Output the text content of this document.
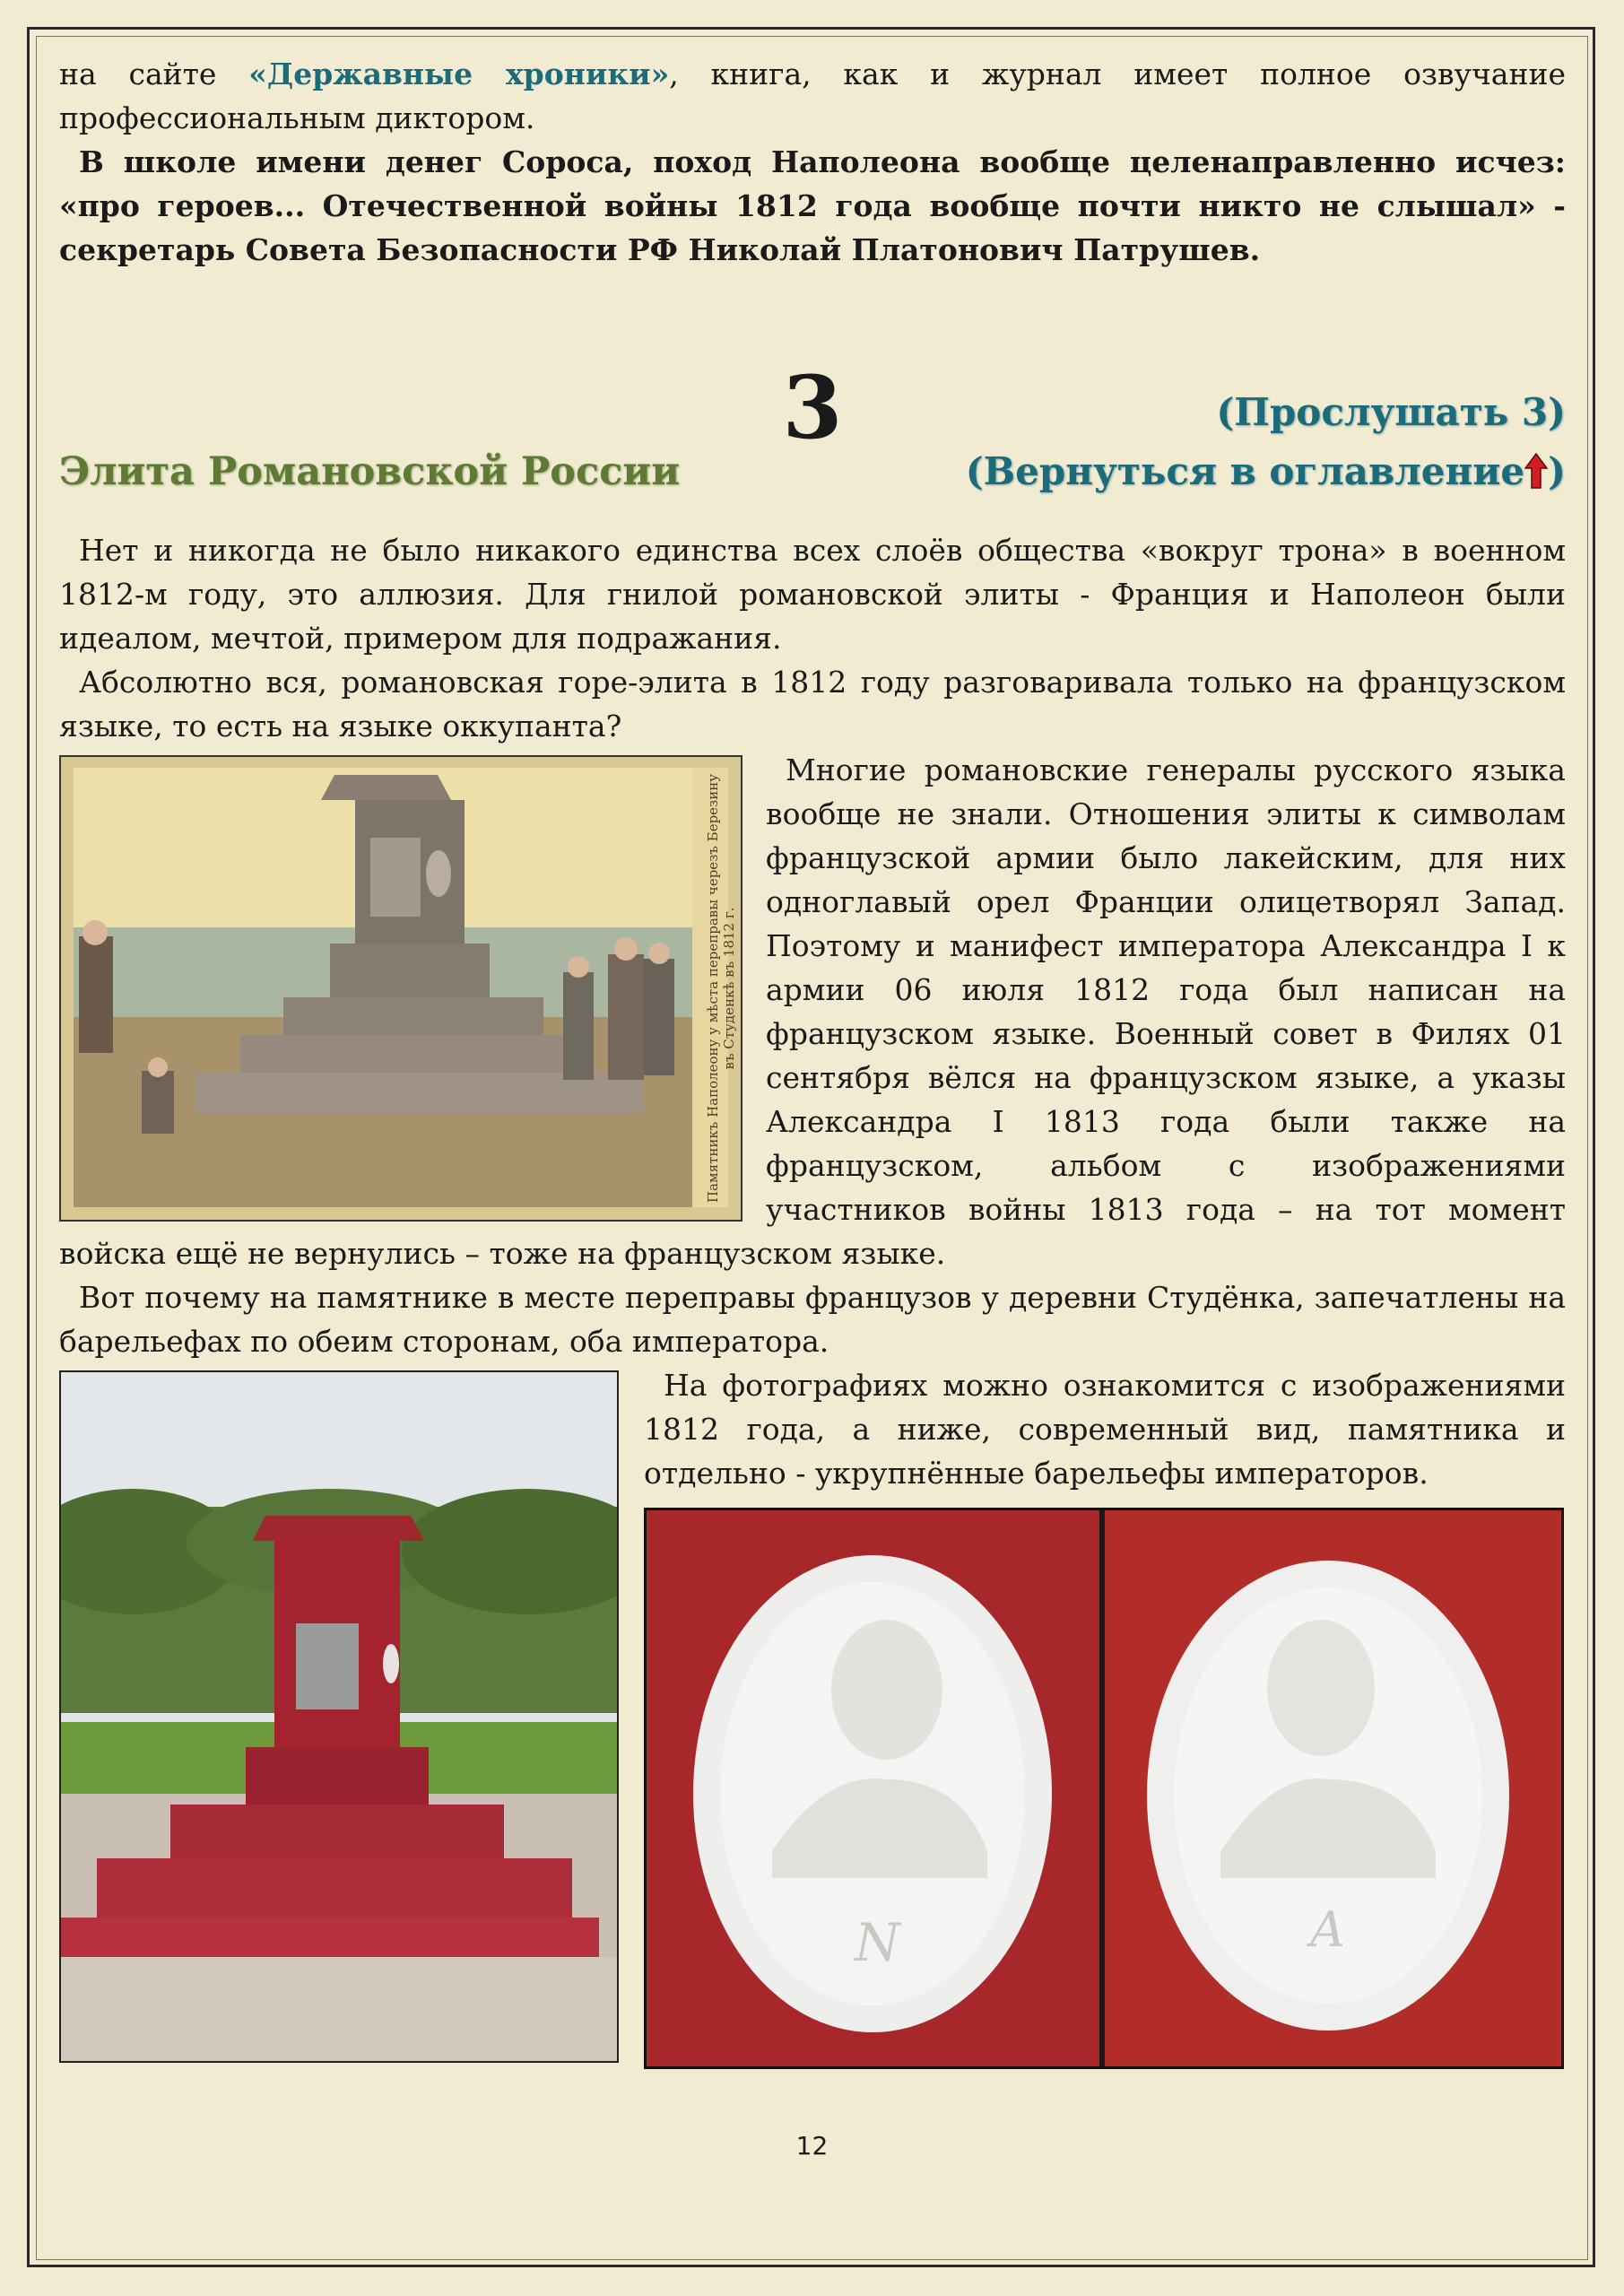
на сайте «Державные хроники», книга, как и журнал имеет полное озвучание профессиональным диктором.

В школе имени денег Сороса, поход Наполеона вообще целенаправленно исчез: «про героев... Отечественной войны 1812 года вообще почти никто не слышал» - секретарь Совета Безопасности РФ Николай Платонович Патрушев.

3	(Прослушать 3)
Элита Романовской России	(Вернуться в оглавление )

Нет и никогда не было никакого единства всех слоёв общества «вокруг трона» в военном 1812-м году, это аллюзия. Для гнилой романовской элиты - Франция и Наполеон были идеалом, мечтой, примером для подражания.

Абсолютно вся, романовская горе-элита в 1812 году разговаривала только на французском языке, то есть на языке оккупанта?

Памятникъ Наполеону у мѣста переправы черезъ Березину въ Студенкѣ въ 1812 г.

Многие романовские генералы русского языка вообще не знали. Отношения элиты к символам французской армии было лакейским, для них одноглавый орел Франции олицетворял Запад. Поэтому и манифест императора Александра I к армии 06 июля 1812 года был написан на французском языке. Военный совет в Филях 01 сентября вёлся на французском языке, а указы Александра I 1813 года были также на французском, альбом с изображениями участников войны 1813 года – на тот момент войска ещё не вернулись – тоже на французском языке.

Вот почему на памятнике в месте переправы французов у деревни Студёнка, запечатлены на барельефах по обеим сторонам, оба императора.

На фотографиях можно ознакомится с изображениями 1812 года, а ниже, современный вид, памятника и отдельно - укрупнённые барельефы императоров.

N	A
12
